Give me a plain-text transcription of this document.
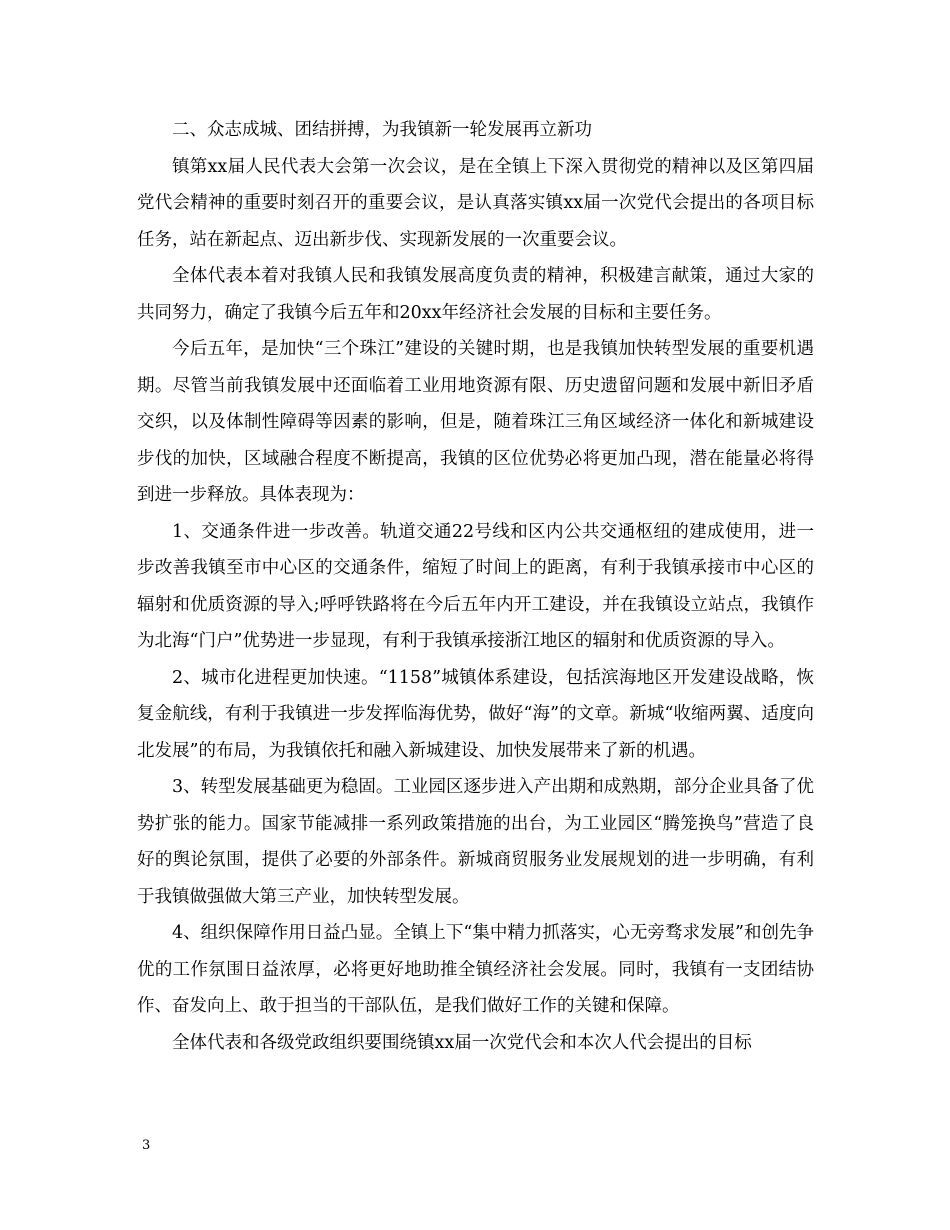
二、众志成城、团结拼搏，为我镇新一轮发展再立新功

镇第xx届人民代表大会第一次会议，是在全镇上下深入贯彻党的精神以及区第四届党代会精神的重要时刻召开的重要会议，是认真落实镇xx届一次党代会提出的各项目标任务，站在新起点、迈出新步伐、实现新发展的一次重要会议。

全体代表本着对我镇人民和我镇发展高度负责的精神，积极建言献策，通过大家的共同努力，确定了我镇今后五年和20xx年经济社会发展的目标和主要任务。

今后五年，是加快“三个珠江”建设的关键时期，也是我镇加快转型发展的重要机遇期。尽管当前我镇发展中还面临着工业用地资源有限、历史遗留问题和发展中新旧矛盾交织，以及体制性障碍等因素的影响，但是，随着珠江三角区域经济一体化和新城建设步伐的加快，区域融合程度不断提高，我镇的区位优势必将更加凸现，潜在能量必将得到进一步释放。具体表现为：

1、交通条件进一步改善。轨道交通22号线和区内公共交通枢纽的建成使用，进一步改善我镇至市中心区的交通条件，缩短了时间上的距离，有利于我镇承接市中心区的辐射和优质资源的导入;呼呼铁路将在今后五年内开工建设，并在我镇设立站点，我镇作为北海“门户”优势进一步显现，有利于我镇承接浙江地区的辐射和优质资源的导入。

2、城市化进程更加快速。“1158”城镇体系建设，包括滨海地区开发建设战略，恢复金航线，有利于我镇进一步发挥临海优势，做好“海”的文章。新城“收缩两翼、适度向北发展”的布局，为我镇依托和融入新城建设、加快发展带来了新的机遇。

3、转型发展基础更为稳固。工业园区逐步进入产出期和成熟期，部分企业具备了优势扩张的能力。国家节能减排一系列政策措施的出台，为工业园区“腾笼换鸟”营造了良好的舆论氛围，提供了必要的外部条件。新城商贸服务业发展规划的进一步明确，有利于我镇做强做大第三产业，加快转型发展。

4、组织保障作用日益凸显。全镇上下“集中精力抓落实，心无旁骛求发展”和创先争优的工作氛围日益浓厚，必将更好地助推全镇经济社会发展。同时，我镇有一支团结协作、奋发向上、敢于担当的干部队伍，是我们做好工作的关键和保障。

全体代表和各级党政组织要围绕镇xx届一次党代会和本次人代会提出的目标

3
